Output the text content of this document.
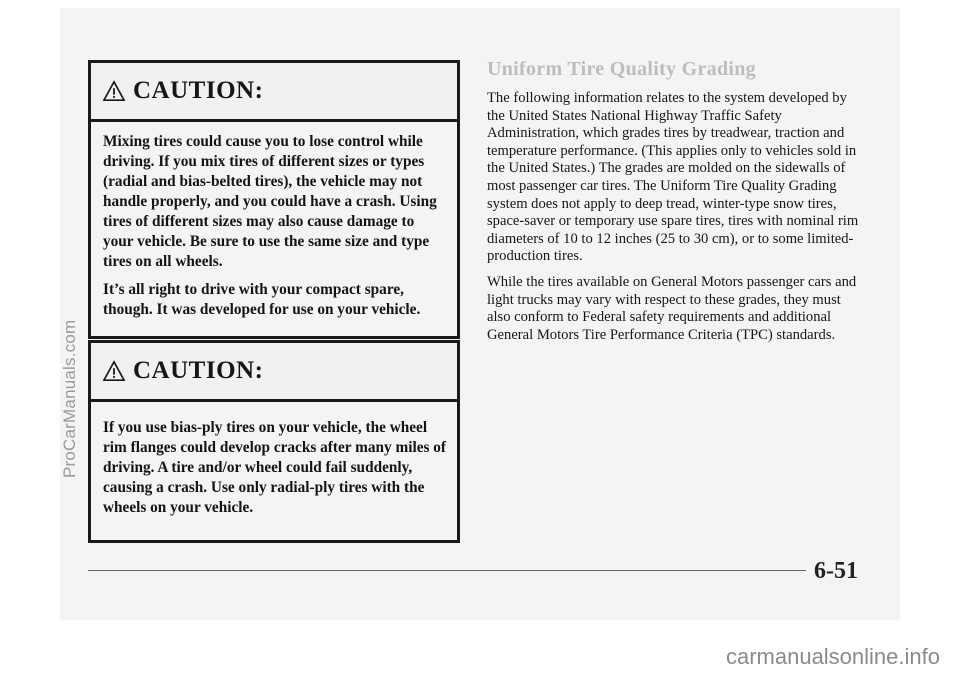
ProCarManuals.com
CAUTION:

Mixing tires could cause you to lose control while driving. If you mix tires of different sizes or types (radial and bias-belted tires), the vehicle may not handle properly, and you could have a crash. Using tires of different sizes may also cause damage to your vehicle. Be sure to use the same size and type tires on all wheels.

It’s all right to drive with your compact spare, though. It was developed for use on your vehicle.

CAUTION:

If you use bias-ply tires on your vehicle, the wheel rim flanges could develop cracks after many miles of driving. A tire and/or wheel could fail suddenly, causing a crash. Use only radial-ply tires with the wheels on your vehicle.

Uniform Tire Quality Grading

The following information relates to the system developed by the United States National Highway Traffic Safety Administration, which grades tires by treadwear, traction and temperature performance. (This applies only to vehicles sold in the United States.) The grades are molded on the sidewalls of most passenger car tires. The Uniform Tire Quality Grading system does not apply to deep tread, winter-type snow tires, space-saver or temporary use spare tires, tires with nominal rim diameters of 10 to 12 inches (25 to 30 cm), or to some limited-production tires.

While the tires available on General Motors passenger cars and light trucks may vary with respect to these grades, they must also conform to Federal safety requirements and additional General Motors Tire Performance Criteria (TPC) standards.

6-51
carmanualsonline.info
